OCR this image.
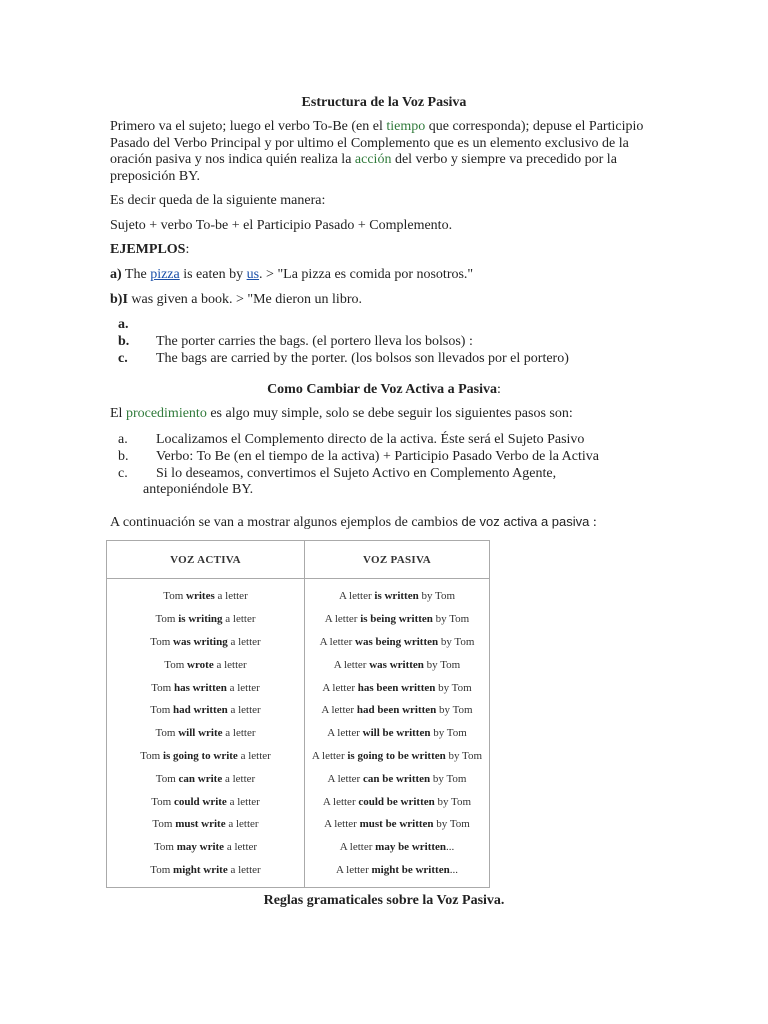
Estructura de la Voz Pasiva
Primero va el sujeto; luego el verbo To-Be (en el tiempo que corresponda); depuse el Participio Pasado del Verbo Principal y por ultimo el Complemento que es un elemento exclusivo de la oración pasiva y nos indica quién realiza la acción del verbo y siempre va precedido por la preposición BY.
Es decir queda de la siguiente manera:
Sujeto + verbo To-be + el Participio Pasado + Complemento.
EJEMPLOS:
a) The pizza is eaten by us. > "La pizza es comida por nosotros."
b)I was given a book. > "Me dieron un libro.
a.

b. The porter carries the bags. (el portero lleva los bolsos) :
c. The bags are carried by the porter. (los bolsos son llevados por el portero)
Como Cambiar de Voz Activa a Pasiva:
El procedimiento es algo muy simple, solo se debe seguir los siguientes pasos son:
a. Localizamos el Complemento directo de la activa. Éste será el Sujeto Pasivo
b. Verbo: To Be (en el tiempo de la activa) + Participio Pasado Verbo de la Activa
c. Si lo deseamos, convertimos el Sujeto Activo en Complemento Agente,
anteponiéndole BY.
A continuación se van a mostrar algunos ejemplos de cambios de voz activa a pasiva :
VOZ ACTIVA	VOZ PASIVA
Tom writes a letter	A letter is written by Tom
Tom is writing a letter	A letter is being written by Tom
Tom was writing a letter	A letter was being written by Tom
Tom wrote a letter	A letter was written by Tom
Tom has written a letter	A letter has been written by Tom
Tom had written a letter	A letter had been written by Tom
Tom will write a letter	A letter will be written by Tom
Tom is going to write a letter	A letter is going to be written by Tom
Tom can write a letter	A letter can be written by Tom
Tom could write a letter	A letter could be written by Tom
Tom must write a letter	A letter must be written by Tom
Tom may write a letter	A letter may be written...
Tom might write a letter	A letter might be written...
Reglas gramaticales sobre la Voz Pasiva.
